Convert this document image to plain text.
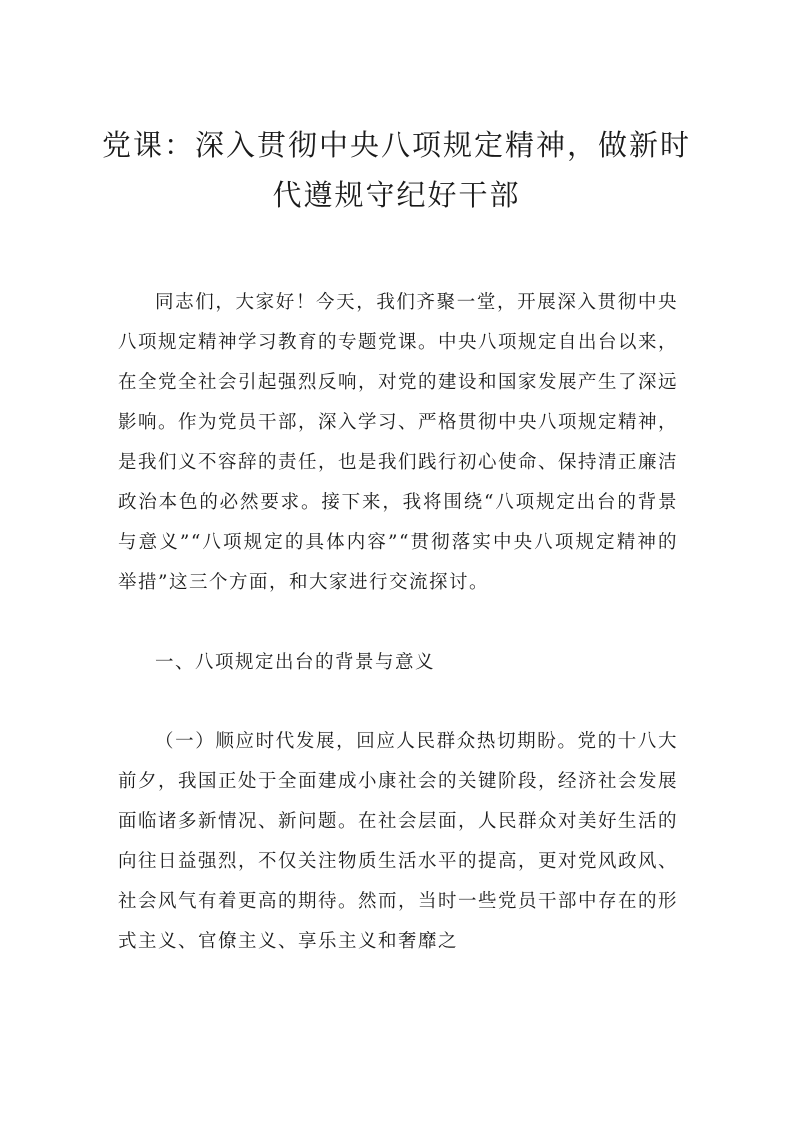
党课：深入贯彻中央八项规定精神，做新时
代遵规守纪好干部

同志们，大家好！今天，我们齐聚一堂，开展深入贯彻中央八项规定精神学习教育的专题党课。中央八项规定自出台以来，在全党全社会引起强烈反响，对党的建设和国家发展产生了深远影响。作为党员干部，深入学习、严格贯彻中央八项规定精神，是我们义不容辞的责任，也是我们践行初心使命、保持清正廉洁政治本色的必然要求。接下来，我将围绕“八项规定出台的背景与意义”“八项规定的具体内容”“贯彻落实中央八项规定精神的举措”这三个方面，和大家进行交流探讨。

一、八项规定出台的背景与意义

（一）顺应时代发展，回应人民群众热切期盼。党的十八大前夕，我国正处于全面建成小康社会的关键阶段，经济社会发展面临诸多新情况、新问题。在社会层面，人民群众对美好生活的向往日益强烈，不仅关注物质生活水平的提高，更对党风政风、社会风气有着更高的期待。然而，当时一些党员干部中存在的形式主义、官僚主义、享乐主义和奢靡之
